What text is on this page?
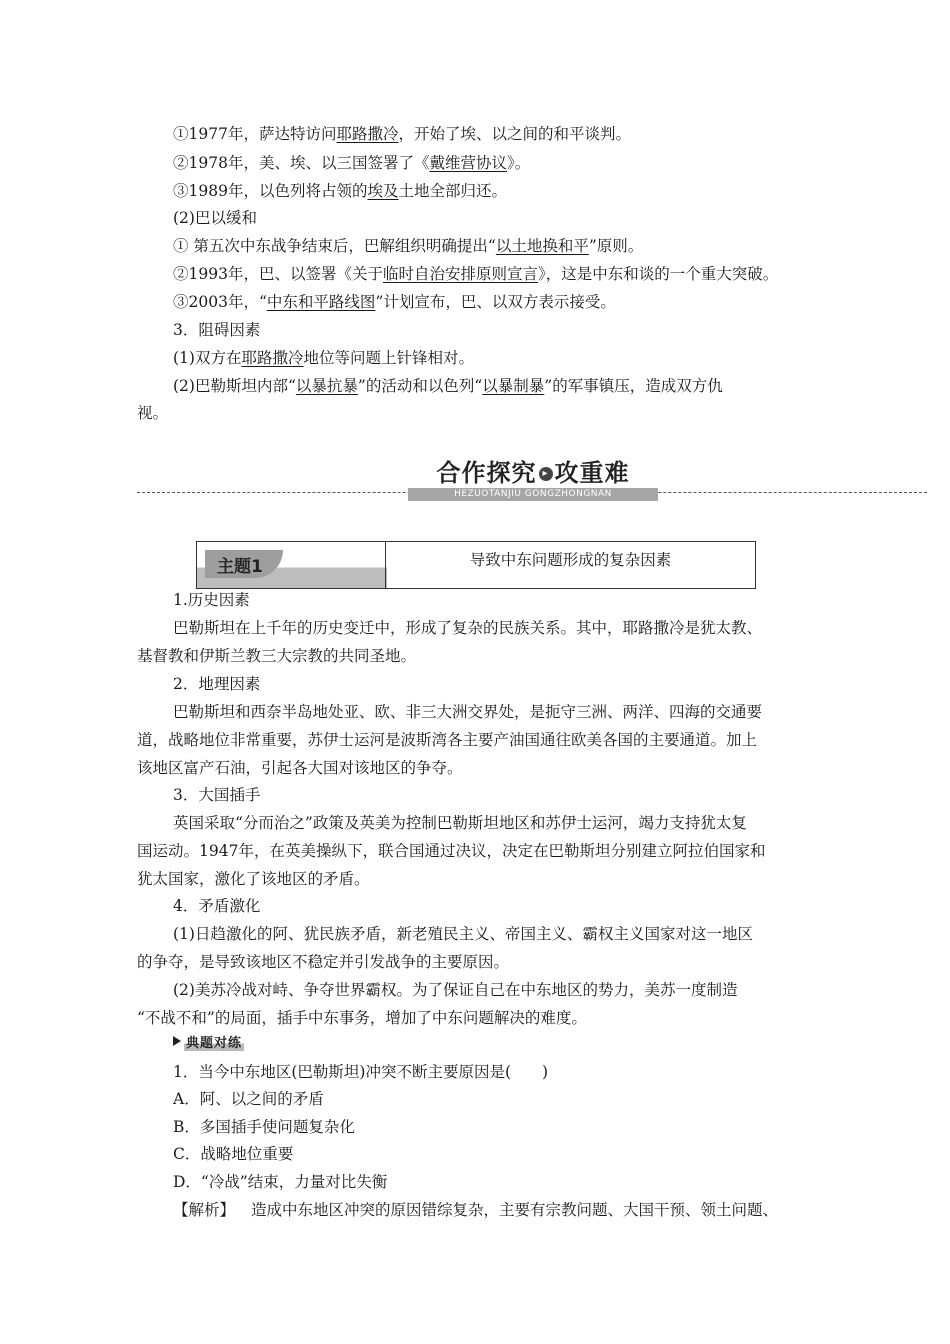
①1977年，萨达特访问耶路撒冷，开始了埃、以之间的和平谈判。
②1978年，美、埃、以三国签署了《戴维营协议》。
③1989年，以色列将占领的埃及土地全部归还。
(2)巴以缓和
① 第五次中东战争结束后，巴解组织明确提出“以土地换和平”原则。
②1993年，巴、以签署《关于临时自治安排原则宣言》，这是中东和谈的一个重大突破。
③2003年，“中东和平路线图”计划宣布，巴、以双方表示接受。
3．阻碍因素
(1)双方在耶路撒冷地位等问题上针锋相对。
(2)巴勒斯坦内部“以暴抗暴”的活动和以色列“以暴制暴”的军事镇压，造成双方仇
视。
合作探究 ▸ 攻重难
HEZUOTANJIU GONGZHONGNAN
主题1	导致中东问题形成的复杂因素
1.历史因素
巴勒斯坦在上千年的历史变迁中，形成了复杂的民族关系。其中，耶路撒冷是犹太教、
基督教和伊斯兰教三大宗教的共同圣地。
2．地理因素
巴勒斯坦和西奈半岛地处亚、欧、非三大洲交界处，是扼守三洲、两洋、四海的交通要
道，战略地位非常重要，苏伊士运河是波斯湾各主要产油国通往欧美各国的主要通道。加上
该地区富产石油，引起各大国对该地区的争夺。
3．大国插手
英国采取“分而治之”政策及英美为控制巴勒斯坦地区和苏伊士运河，竭力支持犹太复
国运动。1947年，在英美操纵下，联合国通过决议，决定在巴勒斯坦分别建立阿拉伯国家和
犹太国家，激化了该地区的矛盾。
4．矛盾激化
(1)日趋激化的阿、犹民族矛盾，新老殖民主义、帝国主义、霸权主义国家对这一地区
的争夺，是导致该地区不稳定并引发战争的主要原因。
(2)美苏冷战对峙、争夺世界霸权。为了保证自己在中东地区的势力，美苏一度制造
“不战不和”的局面，插手中东事务，增加了中东问题解决的难度。
典题对练
1．当今中东地区(巴勒斯坦)冲突不断主要原因是(　　)
A．阿、以之间的矛盾
B．多国插手使问题复杂化
C．战略地位重要
D．“冷战”结束，力量对比失衡
【解析】 造成中东地区冲突的原因错综复杂，主要有宗教问题、大国干预、领土问题、
